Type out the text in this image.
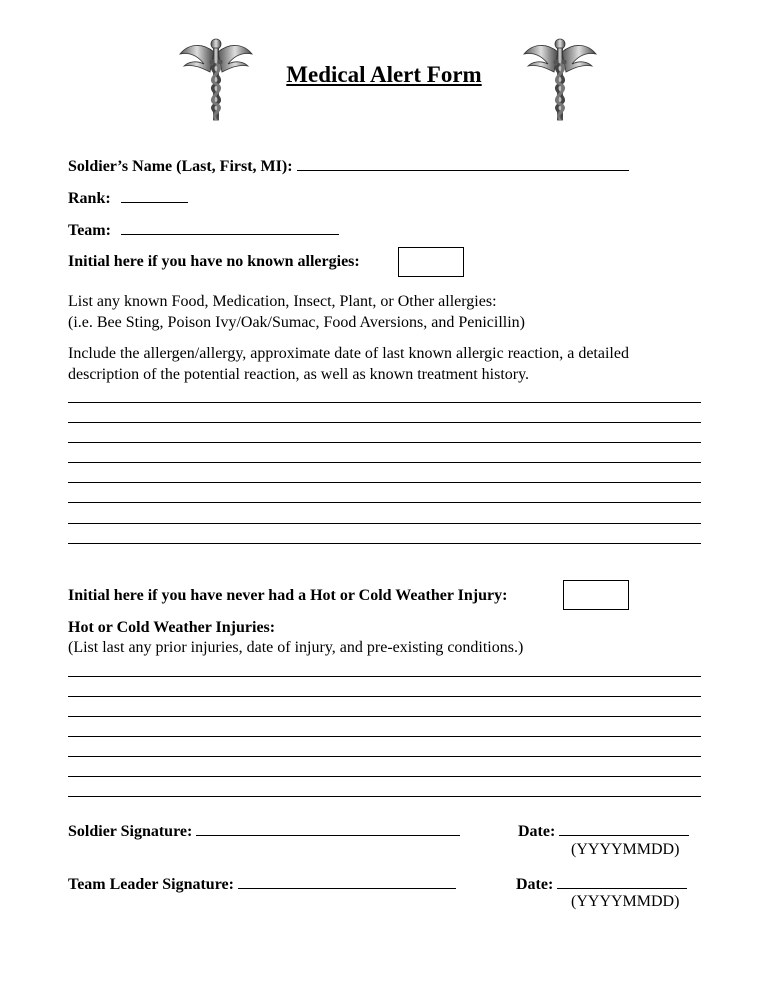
Medical Alert Form
Soldier’s Name (Last, First, MI):
Rank:
Team:
Initial here if you have no known allergies:
List any known Food, Medication, Insect, Plant, or Other allergies:
(i.e. Bee Sting, Poison Ivy/Oak/Sumac, Food Aversions, and Penicillin)
Include the allergen/allergy, approximate date of last known allergic reaction, a detailed
description of the potential reaction, as well as known treatment history.
Initial here if you have never had a Hot or Cold Weather Injury:
Hot or Cold Weather Injuries:
(List last any prior injuries, date of injury, and pre-existing conditions.)
Soldier Signature:	Date:
(YYYYMMDD)
Team Leader Signature:	Date:
(YYYYMMDD)
